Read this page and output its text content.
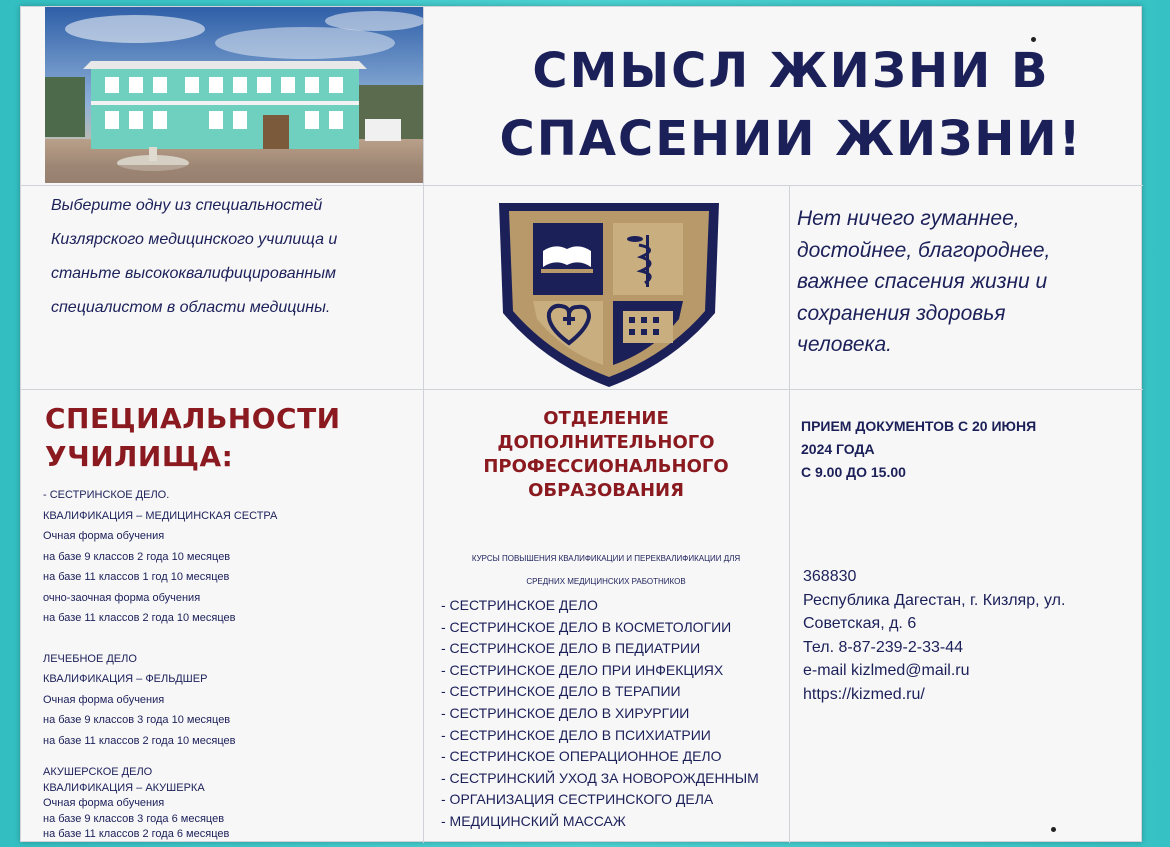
СМЫСЛ ЖИЗНИ В
СПАСЕНИИ ЖИЗНИ!
Выберите одну из специальностей
Кизлярского медицинского училища и
станьте высококвалифицированным
специалистом в области медицины.
Нет ничего гуманнее,
достойнее, благороднее,
важнее спасения жизни и
сохранения здоровья
человека.
СПЕЦИАЛЬНОСТИ
УЧИЛИЩА:
- СЕСТРИНСКОЕ ДЕЛО.
КВАЛИФИКАЦИЯ – МЕДИЦИНСКАЯ СЕСТРА
Очная форма обучения
на базе 9 классов 2 года 10 месяцев
на базе 11 классов 1 год 10 месяцев
очно-заочная форма обучения
на базе 11 классов 2 года 10 месяцев
ЛЕЧЕБНОЕ ДЕЛО
КВАЛИФИКАЦИЯ – ФЕЛЬДШЕР
Очная форма обучения
на базе 9 классов 3 года 10 месяцев
на базе 11 классов 2 года 10 месяцев
АКУШЕРСКОЕ ДЕЛО
КВАЛИФИКАЦИЯ – АКУШЕРКА
Очная форма обучения
на базе 9 классов 3 года 6 месяцев
на базе 11 классов 2 года 6 месяцев
ОТДЕЛЕНИЕ
ДОПОЛНИТЕЛЬНОГО
ПРОФЕССИОНАЛЬНОГО
ОБРАЗОВАНИЯ
КУРСЫ ПОВЫШЕНИЯ КВАЛИФИКАЦИИ И ПЕРЕКВАЛИФИКАЦИИ ДЛЯ
СРЕДНИХ МЕДИЦИНСКИХ РАБОТНИКОВ
- СЕСТРИНСКОЕ ДЕЛО
- СЕСТРИНСКОЕ ДЕЛО В КОСМЕТОЛОГИИ
- СЕСТРИНСКОЕ ДЕЛО В ПЕДИАТРИИ
- СЕСТРИНСКОЕ ДЕЛО ПРИ ИНФЕКЦИЯХ
- СЕСТРИНСКОЕ ДЕЛО В ТЕРАПИИ
- СЕСТРИНСКОЕ ДЕЛО В ХИРУРГИИ
- СЕСТРИНСКОЕ ДЕЛО В ПСИХИАТРИИ
- СЕСТРИНСКОЕ ОПЕРАЦИОННОЕ ДЕЛО
- СЕСТРИНСКИЙ УХОД ЗА НОВОРОЖДЕННЫМ
- ОРГАНИЗАЦИЯ СЕСТРИНСКОГО ДЕЛА
- МЕДИЦИНСКИЙ МАССАЖ
ПРИЕМ ДОКУМЕНТОВ С 20 ИЮНЯ
2024 ГОДА
С 9.00 ДО 15.00
368830
Республика Дагестан, г. Кизляр, ул.
Советская, д. 6
Тел. 8-87-239-2-33-44
e-mail kizlmed@mail.ru
https://kizmed.ru/
